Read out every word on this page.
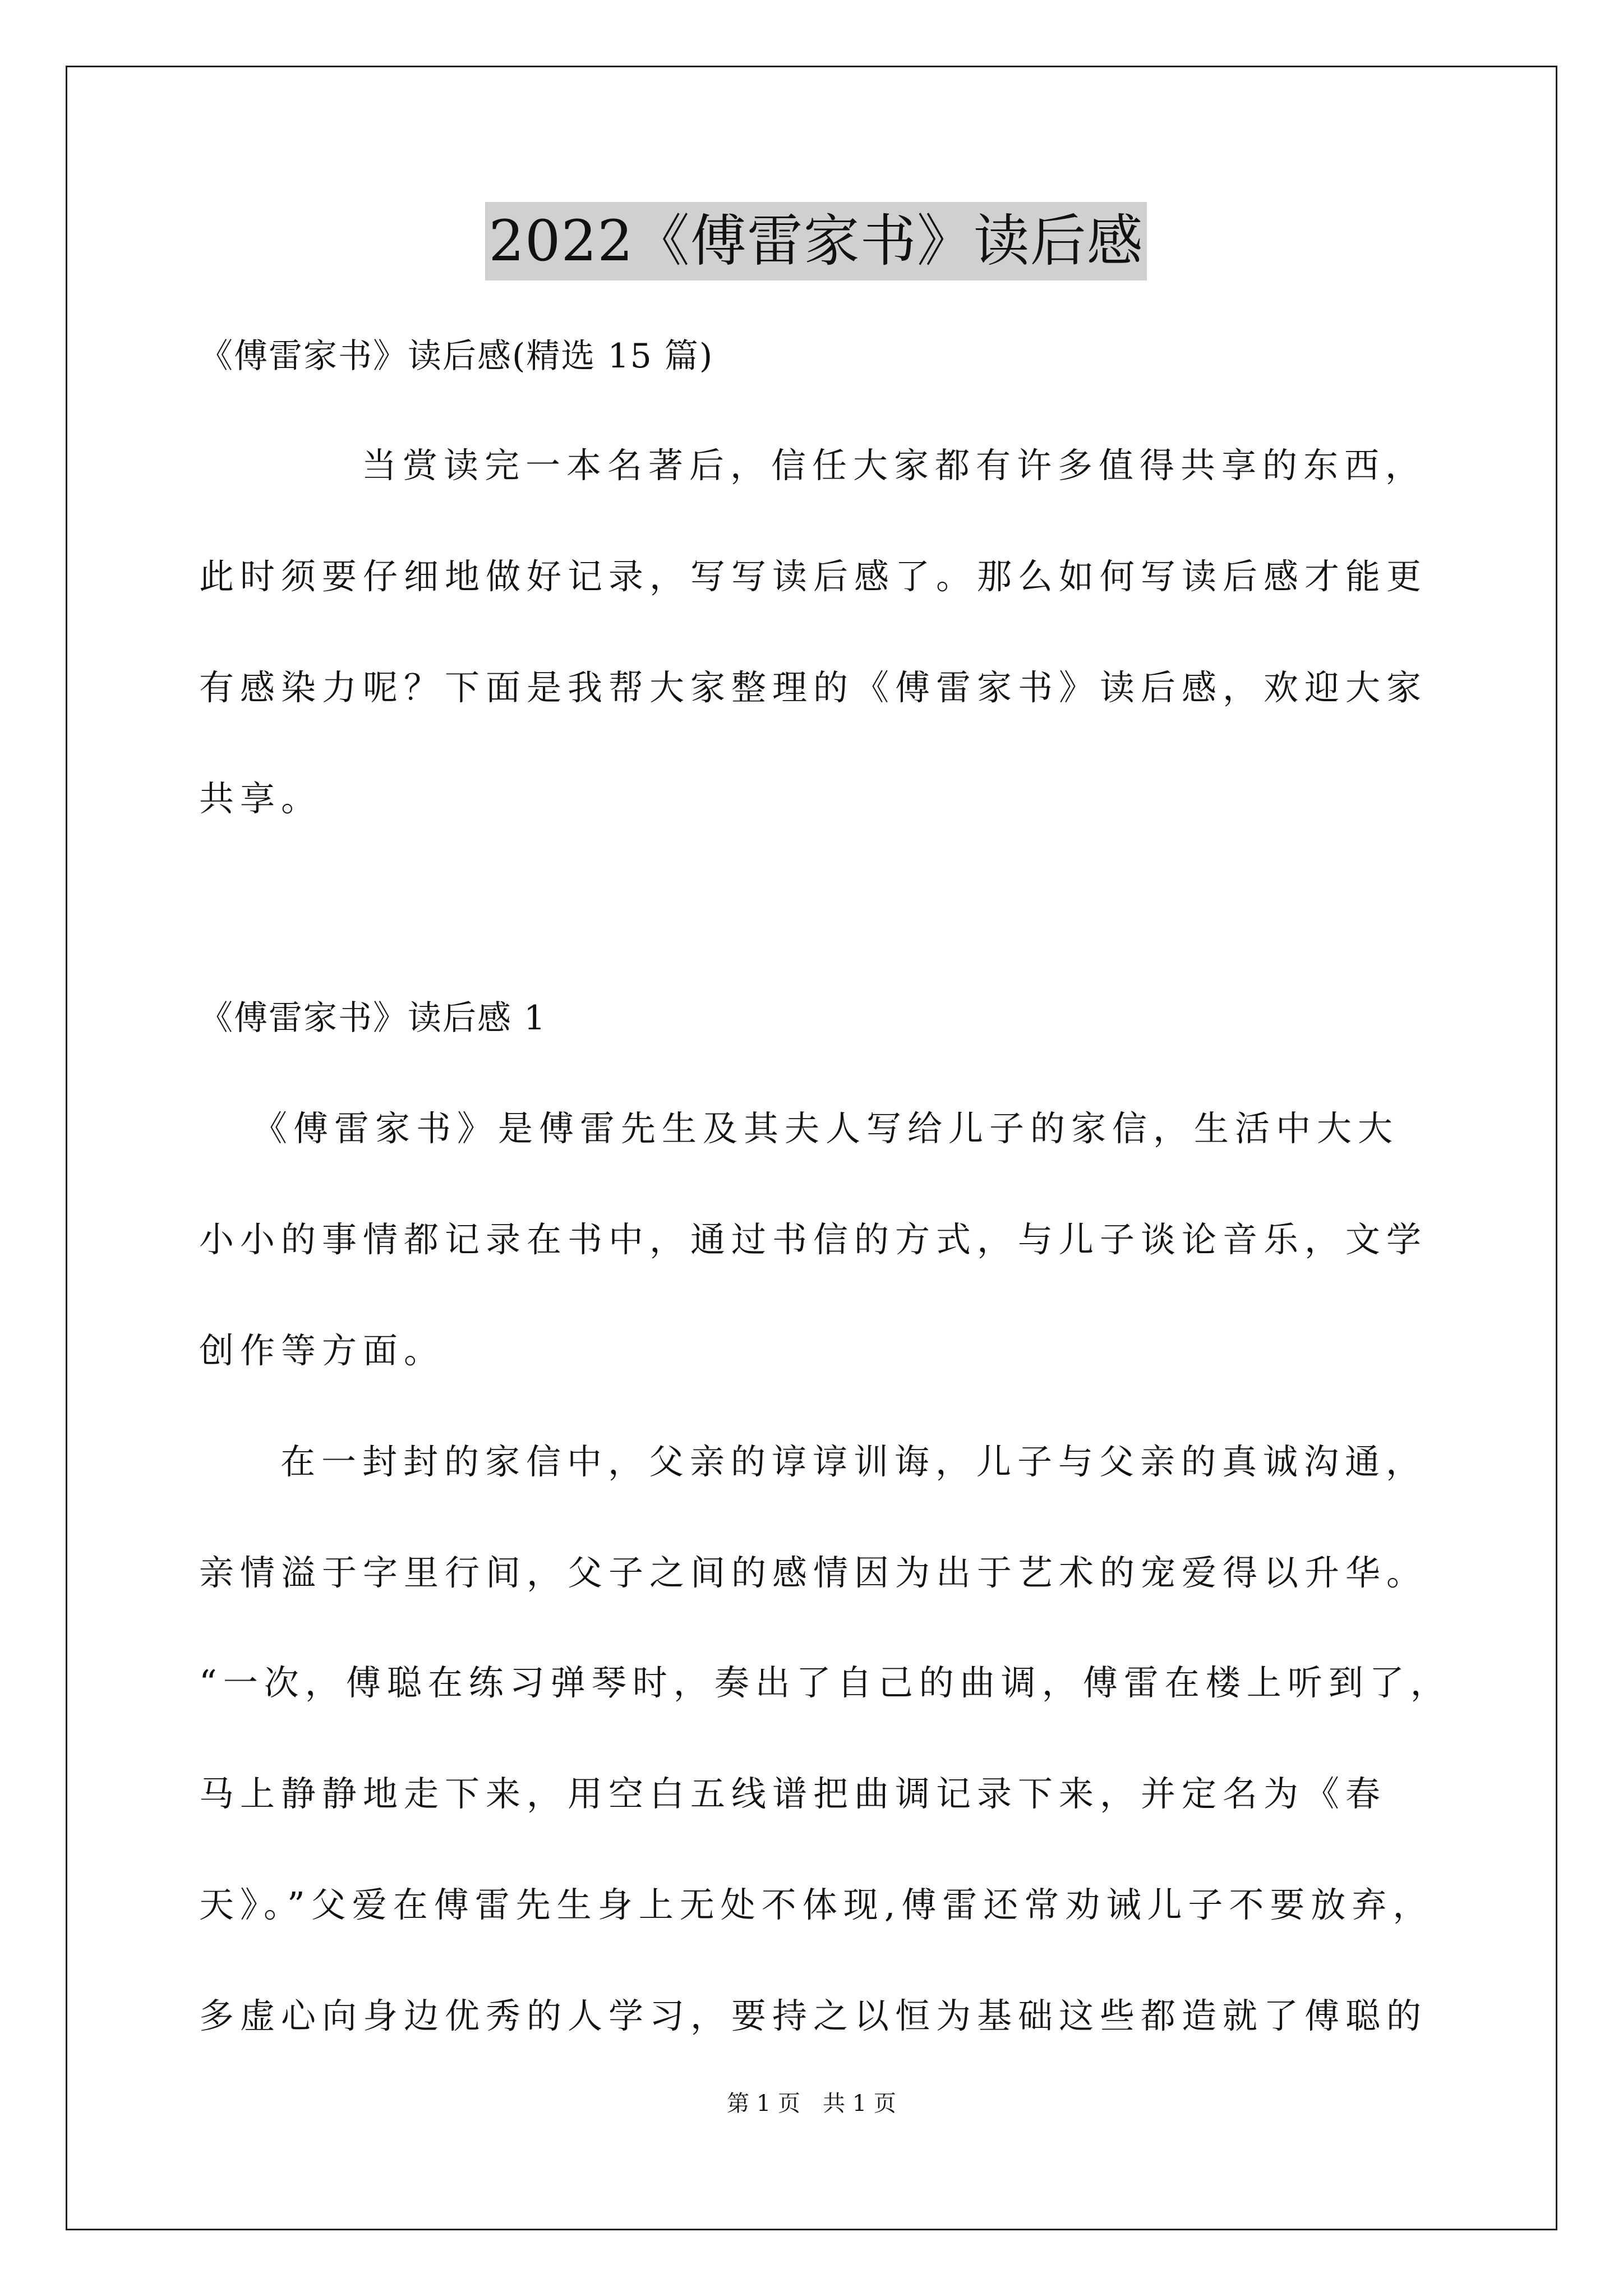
2022《傅雷家书》读后感
《傅雷家书》读后感(精选 15 篇)
当赏读完一本名著后，信任大家都有许多值得共享的东西，
此时须要仔细地做好记录，写写读后感了。那么如何写读后感才能更
有感染力呢？下面是我帮大家整理的《傅雷家书》读后感，欢迎大家
共享。
《傅雷家书》读后感 1
《傅雷家书》是傅雷先生及其夫人写给儿子的家信，生活中大大
小小的事情都记录在书中，通过书信的方式，与儿子谈论音乐，文学
创作等方面。
在一封封的家信中，父亲的谆谆训诲，儿子与父亲的真诚沟通，
亲情溢于字里行间，父子之间的感情因为出于艺术的宠爱得以升华。
“一次，傅聪在练习弹琴时，奏出了自己的曲调，傅雷在楼上听到了，
马上静静地走下来，用空白五线谱把曲调记录下来，并定名为《春
天》。”父爱在傅雷先生身上无处不体现,傅雷还常劝诫儿子不要放弃，
多虚心向身边优秀的人学习，要持之以恒为基础这些都造就了傅聪的
第 1 页　共 1 页
